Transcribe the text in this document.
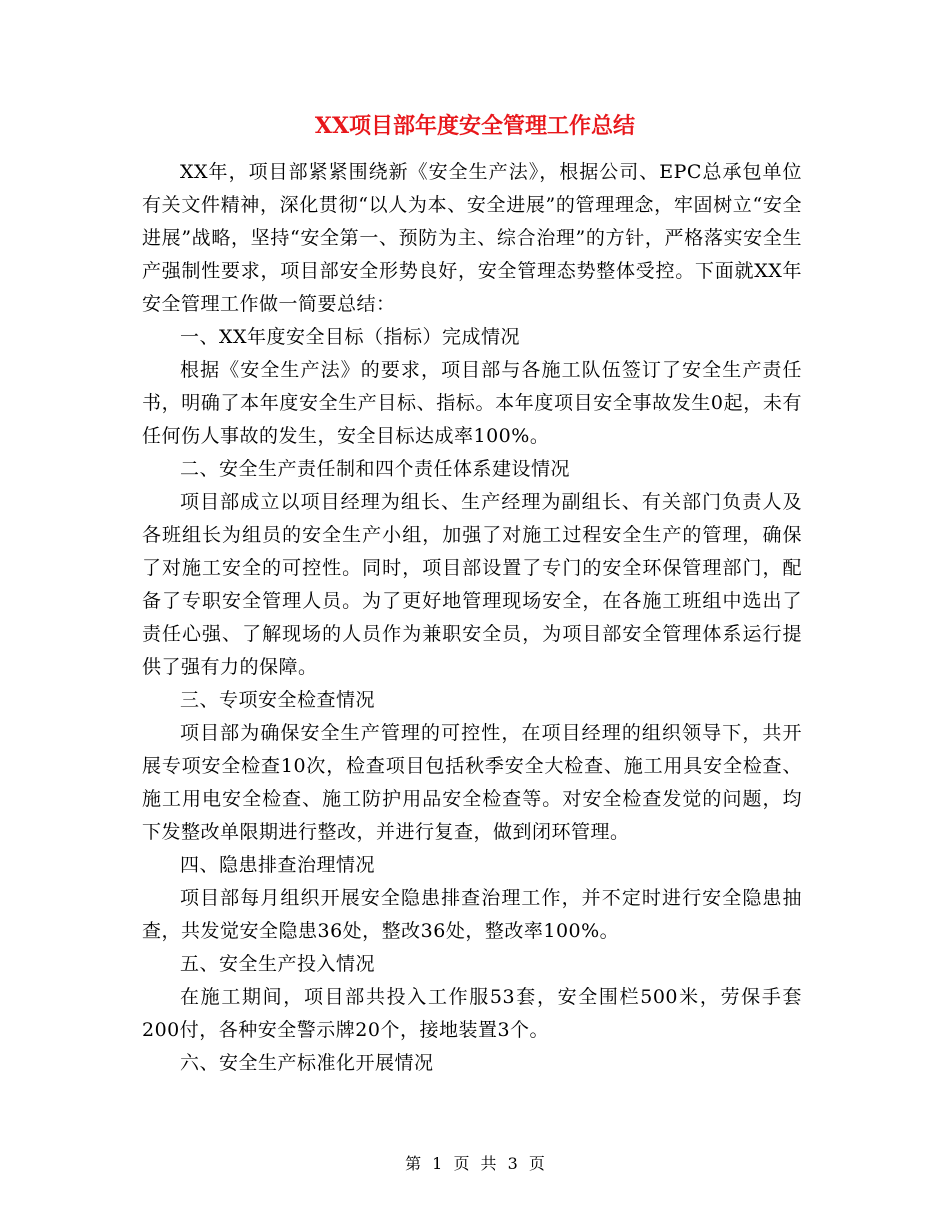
XX项目部年度安全管理工作总结

XX年，项目部紧紧围绕新《安全生产法》，根据公司、EPC总承包单位有关文件精神，深化贯彻“以人为本、安全进展”的管理理念，牢固树立“安全进展”战略，坚持“安全第一、预防为主、综合治理”的方针，严格落实安全生产强制性要求，项目部安全形势良好，安全管理态势整体受控。下面就XX年安全管理工作做一简要总结：

一、XX年度安全目标（指标）完成情况

根据《安全生产法》的要求，项目部与各施工队伍签订了安全生产责任书，明确了本年度安全生产目标、指标。本年度项目安全事故发生0起，未有任何伤人事故的发生，安全目标达成率100%。

二、安全生产责任制和四个责任体系建设情况

项目部成立以项目经理为组长、生产经理为副组长、有关部门负责人及各班组长为组员的安全生产小组，加强了对施工过程安全生产的管理，确保了对施工安全的可控性。同时，项目部设置了专门的安全环保管理部门，配备了专职安全管理人员。为了更好地管理现场安全，在各施工班组中选出了责任心强、了解现场的人员作为兼职安全员，为项目部安全管理体系运行提供了强有力的保障。

三、专项安全检查情况

项目部为确保安全生产管理的可控性，在项目经理的组织领导下，共开展专项安全检查10次，检查项目包括秋季安全大检查、施工用具安全检查、施工用电安全检查、施工防护用品安全检查等。对安全检查发觉的问题，均下发整改单限期进行整改，并进行复查，做到闭环管理。

四、隐患排查治理情况

项目部每月组织开展安全隐患排查治理工作，并不定时进行安全隐患抽查，共发觉安全隐患36处，整改36处，整改率100%。

五、安全生产投入情况

在施工期间，项目部共投入工作服53套，安全围栏500米，劳保手套200付，各种安全警示牌20个，接地装置3个。

六、安全生产标准化开展情况

第 1 页 共 3 页
